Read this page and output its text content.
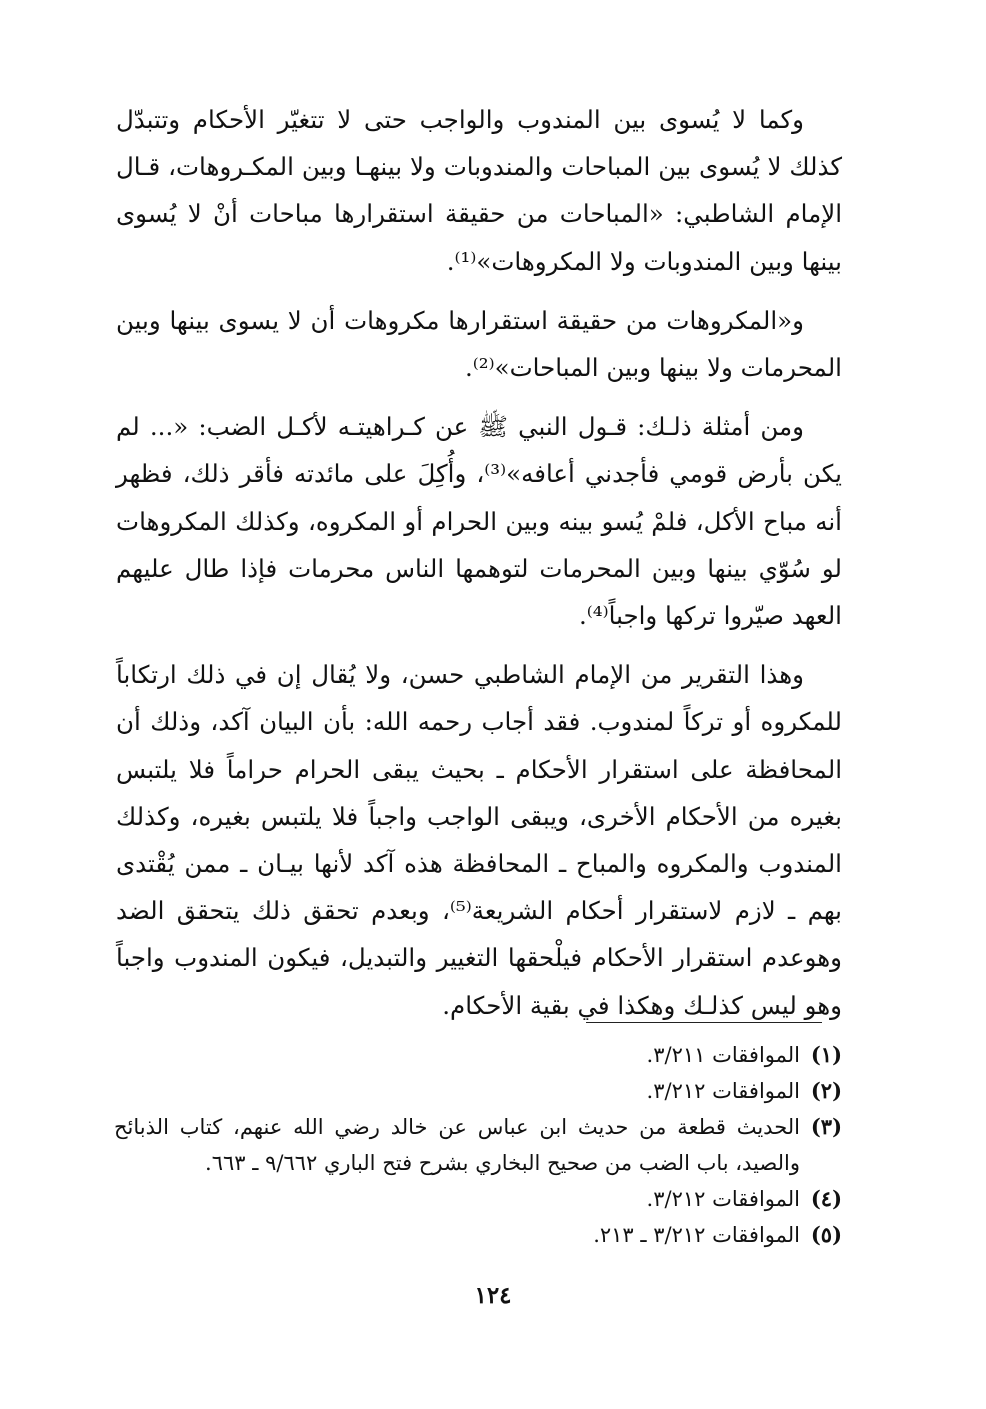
وكما لا يُسوى بين المندوب والواجب حتى لا تتغيّر الأحكام وتتبدّل كذلك لا يُسوى بين المباحات والمندوبات ولا بينهـا وبين المكـروهات، قـال الإمام الشاطبي: «المباحات من حقيقة استقرارها مباحات أنْ لا يُسوى بينها وبين المندوبات ولا المكروهات»⁽¹⁾.

و«المكروهات من حقيقة استقرارها مكروهات أن لا يسوى بينها وبين المحرمات ولا بينها وبين المباحات»⁽²⁾.

ومن أمثلة ذلـك: قـول النبي ﷺ عن كـراهيتـه لأكـل الضب: «... لم يكن بأرض قومي فأجدني أعافه»⁽³⁾، وأُكِلَ على مائدته فأقر ذلك، فظهر أنه مباح الأكل، فلمْ يُسو بينه وبين الحرام أو المكروه، وكذلك المكروهات لو سُوّي بينها وبين المحرمات لتوهمها الناس محرمات فإذا طال عليهم العهد صيّروا تركها واجباً⁽⁴⁾.

وهذا التقرير من الإمام الشاطبي حسن، ولا يُقال إن في ذلك ارتكاباً للمكروه أو تركاً لمندوب. فقد أجاب رحمه الله: بأن البيان آكد، وذلك أن المحافظة على استقرار الأحكام ـ بحيث يبقى الحرام حراماً فلا يلتبس بغيره من الأحكام الأخرى، ويبقى الواجب واجباً فلا يلتبس بغيره، وكذلك المندوب والمكروه والمباح ـ المحافظة هذه آكد لأنها بيـان ـ ممن يُقْتدى بهم ـ لازم لاستقرار أحكام الشريعة⁽⁵⁾، وبعدم تحقق ذلك يتحقق الضد وهوعدم استقرار الأحكام فيلْحقها التغيير والتبديل، فيكون المندوب واجباً وهو ليس كذلـك وهكذا في بقية الأحكام.

(١)
الموافقات ٣/٢١١.
(٢)
الموافقات ٣/٢١٢.
(٣)
الحديث قطعة من حديث ابن عباس عن خالد رضي الله عنهم، كتاب الذبائح والصيد، باب الضب من صحيح البخاري بشرح فتح الباري ٩/٦٦٢ ـ ٦٦٣.
(٤)
الموافقات ٣/٢١٢.
(٥)
الموافقات ٣/٢١٢ ـ ٢١٣.
١٢٤
